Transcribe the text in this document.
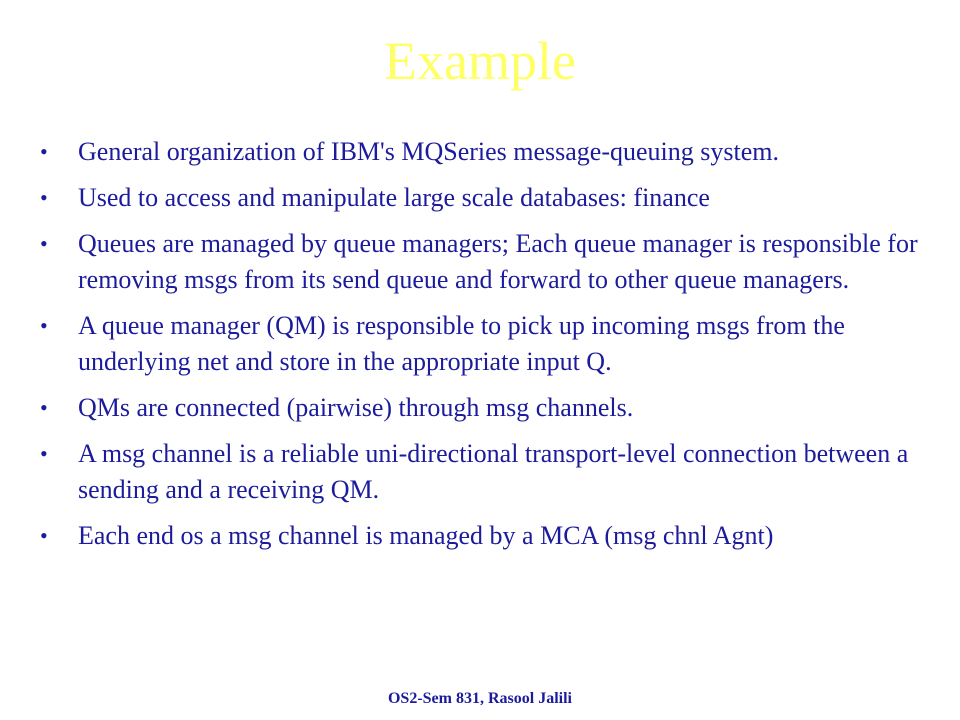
Example
•	General organization of IBM's MQSeries message-queuing system.
•	Used to access and manipulate large scale databases: finance
•	Queues are managed by queue managers; Each queue manager is responsible for removing msgs from its send queue and forward to other queue managers.
•	A queue manager (QM) is responsible to pick up incoming msgs from the underlying net and store in the appropriate input Q.
•	QMs are connected (pairwise) through msg channels.
•	A msg channel is a reliable uni-directional transport-level connection between a sending and a receiving QM.
•	Each end os a msg channel is managed by a MCA (msg chnl Agnt)
OS2-Sem 831, Rasool Jalili
